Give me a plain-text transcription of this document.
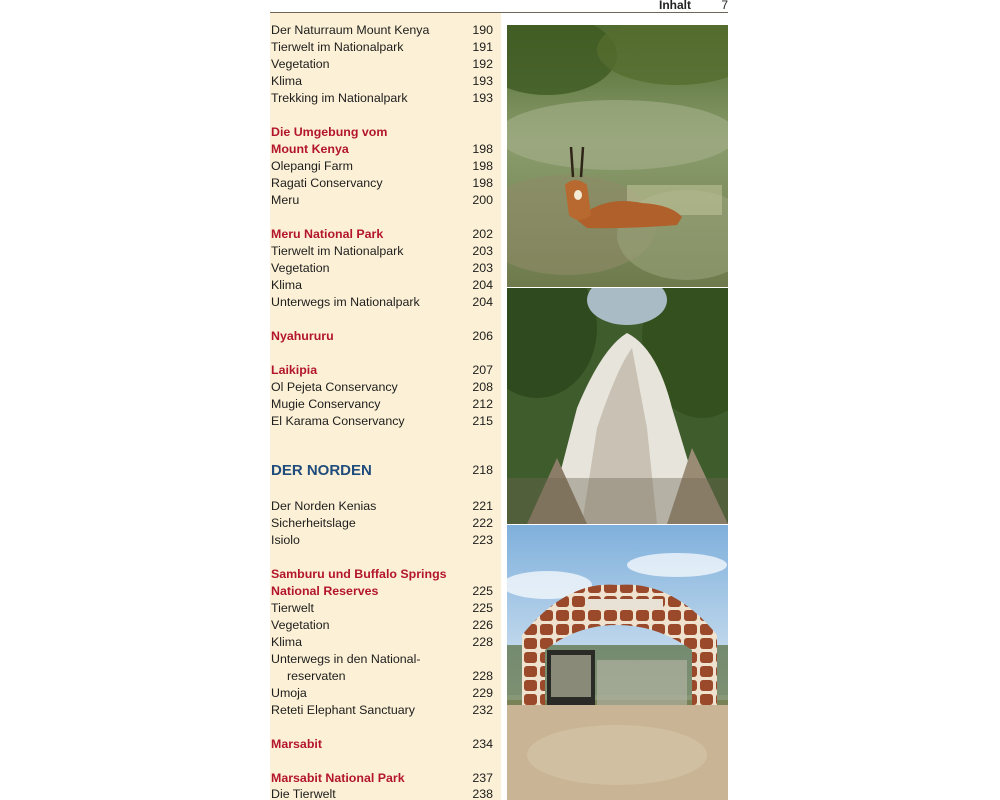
Inhalt	7
Der Naturraum Mount Kenya	190
Tierwelt im Nationalpark	191
Vegetation	192
Klima	193
Trekking im Nationalpark	193
Die Umgebung vom
Mount Kenya	198
Olepangi Farm	198
Ragati Conservancy	198
Meru	200
Meru National Park	202
Tierwelt im Nationalpark	203
Vegetation	203
Klima	204
Unterwegs im Nationalpark	204
Nyahururu	206
Laikipia	207
Ol Pejeta Conservancy	208
Mugie Conservancy	212
El Karama Conservancy	215
DER NORDEN	218
Der Norden Kenias	221
Sicherheitslage	222
Isiolo	223
Samburu und Buffalo Springs
National Reserves	225
Tierwelt	225
Vegetation	226
Klima	228
Unterwegs in den National-
reservaten	228
Umoja	229
Reteti Elephant Sanctuary	232
Marsabit	234
Marsabit National Park	237
Die Tierwelt	238
